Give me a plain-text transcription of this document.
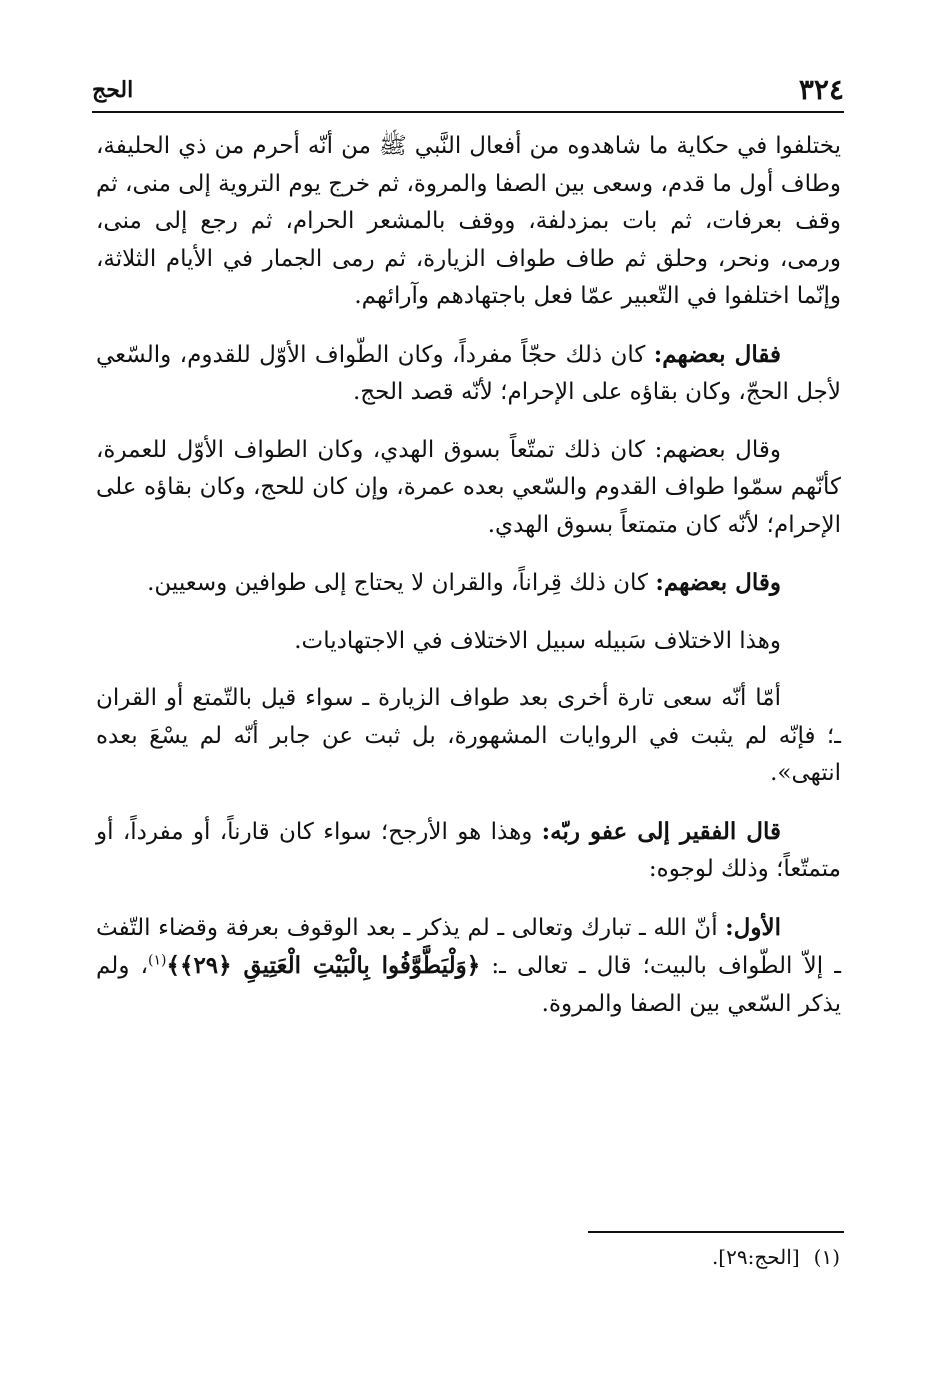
٣٢٤
الحج

يختلفوا في حكاية ما شاهدوه من أفعال النَّبي ﷺ من أنّه أحرم من ذي الحليفة، وطاف أول ما قدم، وسعى بين الصفا والمروة، ثم خرج يوم التروية إلى منى، ثم وقف بعرفات، ثم بات بمزدلفة، ووقف بالمشعر الحرام، ثم رجع إلى منى، ورمى، ونحر، وحلق ثم طاف طواف الزيارة، ثم رمى الجمار في الأيام الثلاثة، وإنّما اختلفوا في التّعبير عمّا فعل باجتهادهم وآرائهم.

فقال بعضهم: كان ذلك حجّاً مفرداً، وكان الطّواف الأوّل للقدوم، والسّعي لأجل الحجّ، وكان بقاؤه على الإحرام؛ لأنّه قصد الحج.

وقال بعضهم: كان ذلك تمتّعاً بسوق الهدي، وكان الطواف الأوّل للعمرة، كأنّهم سمّوا طواف القدوم والسّعي بعده عمرة، وإن كان للحج، وكان بقاؤه على الإحرام؛ لأنّه كان متمتعاً بسوق الهدي.

وقال بعضهم: كان ذلك قِراناً، والقران لا يحتاج إلى طوافين وسعيين.

وهذا الاختلاف سَبيله سبيل الاختلاف في الاجتهاديات.

أمّا أنّه سعى تارة أخرى بعد طواف الزيارة ـ سواء قيل بالتّمتع أو القران ـ؛ فإنّه لم يثبت في الروايات المشهورة، بل ثبت عن جابر أنّه لم يسْعَ بعده انتهى».

قال الفقير إلى عفو ربّه: وهذا هو الأرجح؛ سواء كان قارناً، أو مفرداً، أو متمتّعاً؛ وذلك لوجوه:

الأول: أنّ الله ـ تبارك وتعالى ـ لم يذكر ـ بعد الوقوف بعرفة وقضاء التّفث ـ إلاّ الطّواف بالبيت؛ قال ـ تعالى ـ: ﴿وَلْيَطَّوَّفُوا بِالْبَيْتِ الْعَتِيقِ ﴿٢٩﴾﴾$^{(١)}$، ولم يذكر السّعي بين الصفا والمروة.

(١)[الحج:٢٩].
